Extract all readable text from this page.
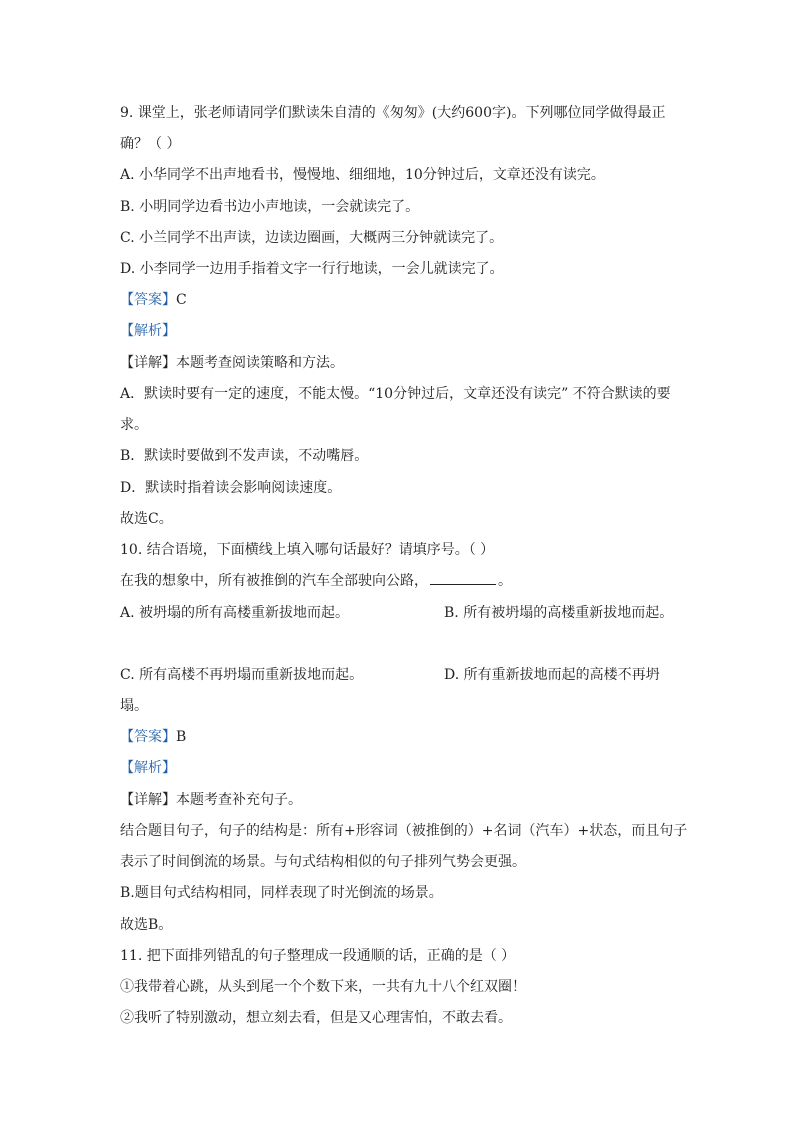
9. 课堂上，张老师请同学们默读朱自清的《匆匆》(大约600字)。下列哪位同学做得最正
确？（ ）
A. 小华同学不出声地看书，慢慢地、细细地，10分钟过后，文章还没有读完。
B. 小明同学边看书边小声地读，一会就读完了。
C. 小兰同学不出声读，边读边圈画，大概两三分钟就读完了。
D. 小李同学一边用手指着文字一行行地读，一会儿就读完了。
【答案】C
【解析】
【详解】本题考查阅读策略和方法。
A．默读时要有一定的速度，不能太慢。“10分钟过后，文章还没有读完” 不符合默读的要
求。
B．默读时要做到不发声读，不动嘴唇。
D．默读时指着读会影响阅读速度。
故选C。
10. 结合语境，下面横线上填入哪句话最好？请填序号。（ ）
在我的想象中，所有被推倒的汽车全部驶向公路，	。
A. 被坍塌的所有高楼重新拔地而起。	B. 所有被坍塌的高楼重新拔地而起。
C. 所有高楼不再坍塌而重新拔地而起。	D. 所有重新拔地而起的高楼不再坍
塌。
【答案】B
【解析】
【详解】本题考查补充句子。
结合题目句子，句子的结构是：所有+形容词（被推倒的）+名词（汽车）+状态，而且句子
表示了时间倒流的场景。与句式结构相似的句子排列气势会更强。
B.题目句式结构相同，同样表现了时光倒流的场景。
故选B。
11. 把下面排列错乱的句子整理成一段通顺的话，正确的是（ ）
①我带着心跳，从头到尾一个个数下来，一共有九十八个红双圈！
②我听了特别激动，想立刻去看，但是又心理害怕，不敢去看。
